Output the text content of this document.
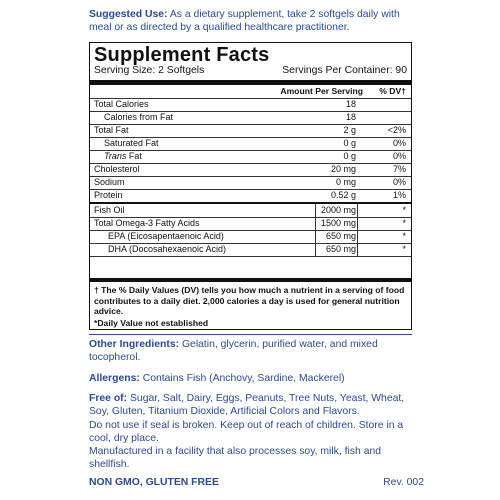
Suggested Use: As a dietary supplement, take 2 softgels daily with meal or as directed by a qualified healthcare practitioner.
Supplement Facts
Serving Size: 2 Softgels	Servings Per Container: 90
Amount Per Serving	% DV†
Total Calories	18
Calories from Fat	18
Total Fat	2 g	<2%
Saturated Fat	0 g	0%
Trans Fat	0 g	0%
Cholesterol	20 mg	7%
Sodium	0 mg	0%
Protein	0.52 g	1%
Fish Oil	2000 mg	*
Total Omega-3 Fatty Acids	1500 mg	*
EPA (Eicosapentaenoic Acid)	650 mg	*
DHA (Docosahexaenoic Acid)	650 mg	*
† The % Daily Values (DV) tells you how much a nutrient in a serving of food contributes to a daily diet. 2,000 calories a day is used for general nutrition advice.
*Daily Value not established
Other Ingredients: Gelatin, glycerin, purified water, and mixed tocopherol.
Allergens: Contains Fish (Anchovy, Sardine, Mackerel)
Free of: Sugar, Salt, Dairy, Eggs, Peanuts, Tree Nuts, Yeast, Wheat, Soy, Gluten, Titanium Dioxide, Artificial Colors and Flavors.
Do not use if seal is broken. Keep out of reach of children. Store in a cool, dry place.
Manufactured in a facility that also processes soy, milk, fish and shellfish.
NON GMO, GLUTEN FREE	Rev. 002
